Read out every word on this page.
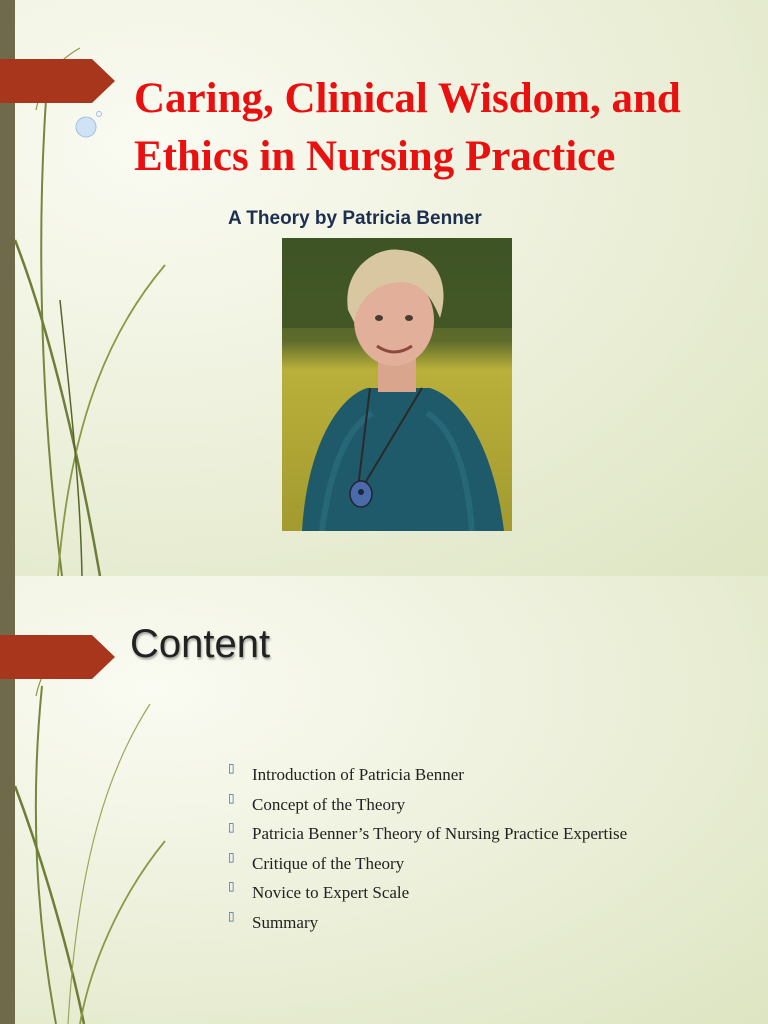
Caring, Clinical Wisdom, and Ethics in Nursing Practice
A Theory by Patricia Benner
Content
▯ Introduction of Patricia Benner
▯ Concept of the Theory
▯ Patricia Benner’s Theory of Nursing Practice Expertise
▯ Critique of the Theory
▯ Novice to Expert Scale
▯ Summary
